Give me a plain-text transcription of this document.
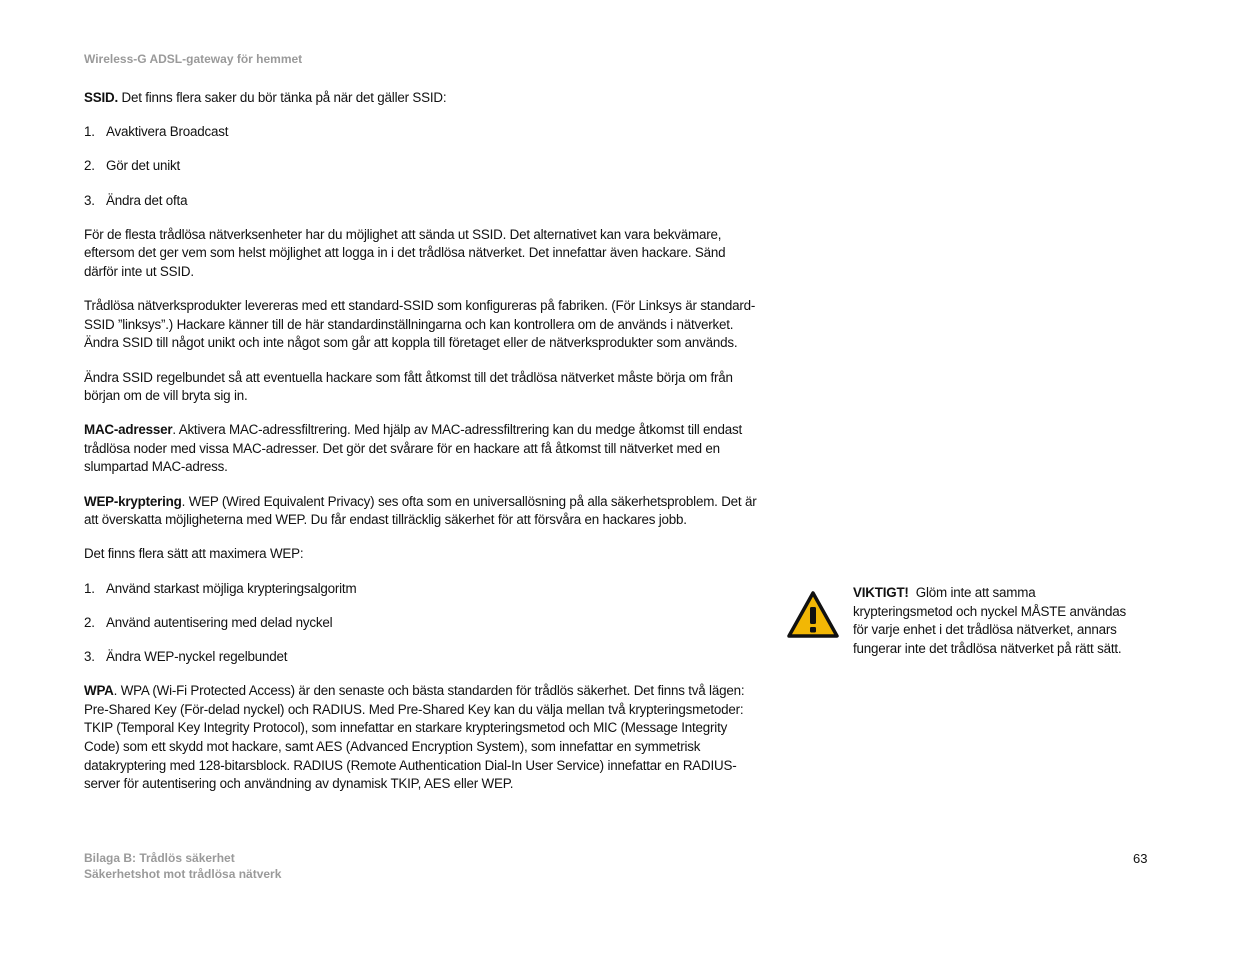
Wireless-G ADSL-gateway för hemmet

SSID. Det finns flera saker du bör tänka på när det gäller SSID:

1. Avaktivera Broadcast

2. Gör det unikt

3. Ändra det ofta

För de flesta trådlösa nätverksenheter har du möjlighet att sända ut SSID. Det alternativet kan vara bekvämare, eftersom det ger vem som helst möjlighet att logga in i det trådlösa nätverket. Det innefattar även hackare. Sänd därför inte ut SSID.

Trådlösa nätverksprodukter levereras med ett standard-SSID som konfigureras på fabriken. (För Linksys är standard-SSID ”linksys”.) Hackare känner till de här standardinställningarna och kan kontrollera om de används i nätverket. Ändra SSID till något unikt och inte något som går att koppla till företaget eller de nätverksprodukter som används.

Ändra SSID regelbundet så att eventuella hackare som fått åtkomst till det trådlösa nätverket måste börja om från början om de vill bryta sig in.

MAC-adresser. Aktivera MAC-adressfiltrering. Med hjälp av MAC-adressfiltrering kan du medge åtkomst till endast trådlösa noder med vissa MAC-adresser. Det gör det svårare för en hackare att få åtkomst till nätverket med en slumpartad MAC-adress.

WEP-kryptering. WEP (Wired Equivalent Privacy) ses ofta som en universallösning på alla säkerhetsproblem. Det är att överskatta möjligheterna med WEP. Du får endast tillräcklig säkerhet för att försvåra en hackares jobb.

Det finns flera sätt att maximera WEP:

1. Använd starkast möjliga krypteringsalgoritm

2. Använd autentisering med delad nyckel

3. Ändra WEP-nyckel regelbundet

WPA. WPA (Wi-Fi Protected Access) är den senaste och bästa standarden för trådlös säkerhet. Det finns två lägen: Pre-Shared Key (För-delad nyckel) och RADIUS. Med Pre-Shared Key kan du välja mellan två krypteringsmetoder: TKIP (Temporal Key Integrity Protocol), som innefattar en starkare krypteringsmetod och MIC (Message Integrity Code) som ett skydd mot hackare, samt AES (Advanced Encryption System), som innefattar en symmetrisk datakryptering med 128-bitarsblock. RADIUS (Remote Authentication Dial-In User Service) innefattar en RADIUS-server för autentisering och användning av dynamisk TKIP, AES eller WEP.

VIKTIGT!  Glöm inte att samma krypteringsmetod och nyckel MÅSTE användas för varje enhet i det trådlösa nätverket, annars fungerar inte det trådlösa nätverket på rätt sätt.
Bilaga B: Trådlös säkerhet
Säkerhetshot mot trådlösa nätverk
63
